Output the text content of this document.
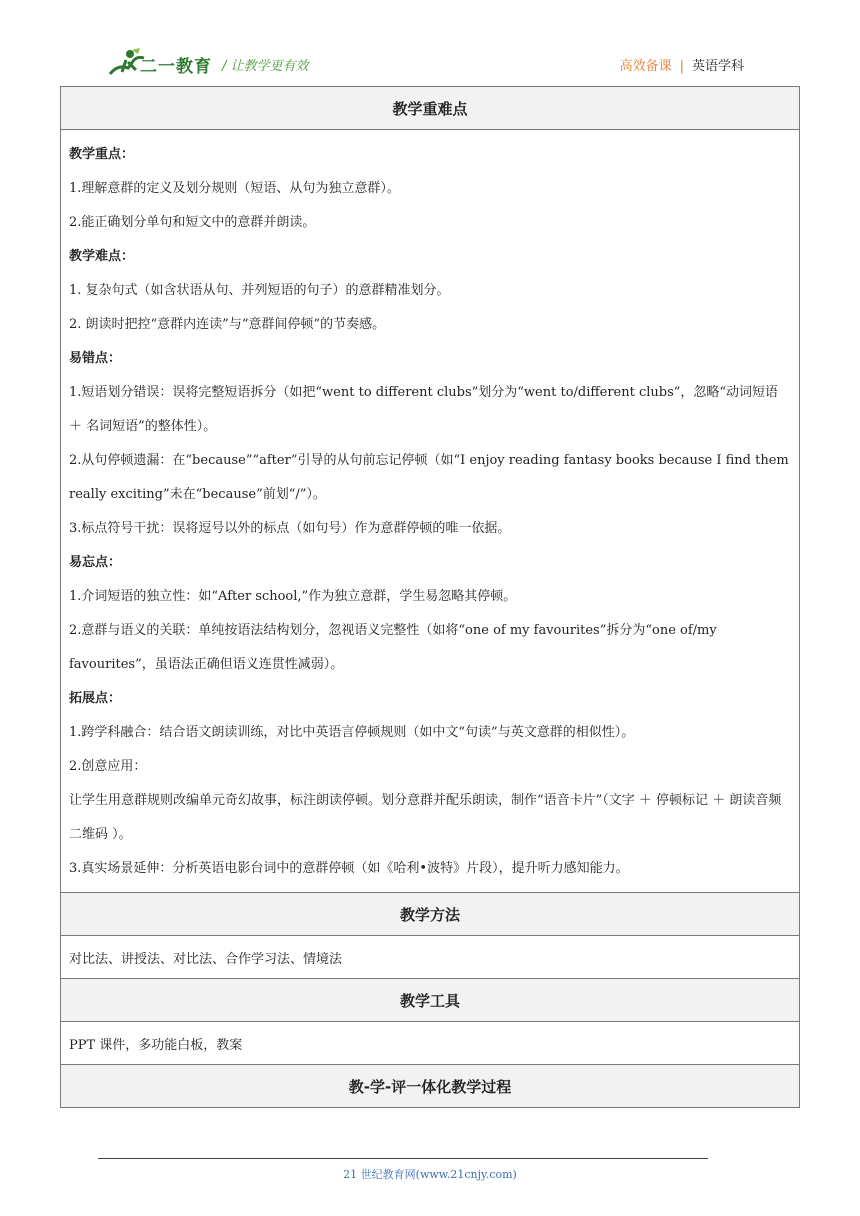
二一教育 / 让教学更有效	高效备课 | 英语学科
教学重难点

教学重点：

1.理解意群的定义及划分规则（短语、从句为独立意群）。

2.能正确划分单句和短文中的意群并朗读。

教学难点：

1. 复杂句式（如含状语从句、并列短语的句子）的意群精准划分。

2. 朗读时把控“意群内连读”与“意群间停顿”的节奏感。

易错点：

1.短语划分错误：误将完整短语拆分（如把“went to different clubs”划分为“went to/different clubs”，忽略“动词短语 ＋ 名词短语”的整体性）。

2.从句停顿遗漏：在“because”“after”引导的从句前忘记停顿（如“I enjoy reading fantasy books because I find them really exciting”未在“because”前划“/”）。

3.标点符号干扰：误将逗号以外的标点（如句号）作为意群停顿的唯一依据。

易忘点：

1.介词短语的独立性：如“After school,”作为独立意群，学生易忽略其停顿。

2.意群与语义的关联：单纯按语法结构划分，忽视语义完整性（如将“one of my favourites”拆分为“one of/my favourites”，虽语法正确但语义连贯性减弱）。

拓展点：

1.跨学科融合：结合语文朗读训练，对比中英语言停顿规则（如中文“句读”与英文意群的相似性）。

2.创意应用：

让学生用意群规则改编单元奇幻故事，标注朗读停顿。划分意群并配乐朗读，制作“语音卡片”（文字 ＋ 停顿标记 ＋ 朗读音频二维码 ）。

3.真实场景延伸：分析英语电影台词中的意群停顿（如《哈利•波特》片段），提升听力感知能力。

教学方法
对比法、讲授法、对比法、合作学习法、情境法
教学工具
PPT 课件，多功能白板，教案
教-学-评一体化教学过程
21 世纪教育网(www.21cnjy.com)
